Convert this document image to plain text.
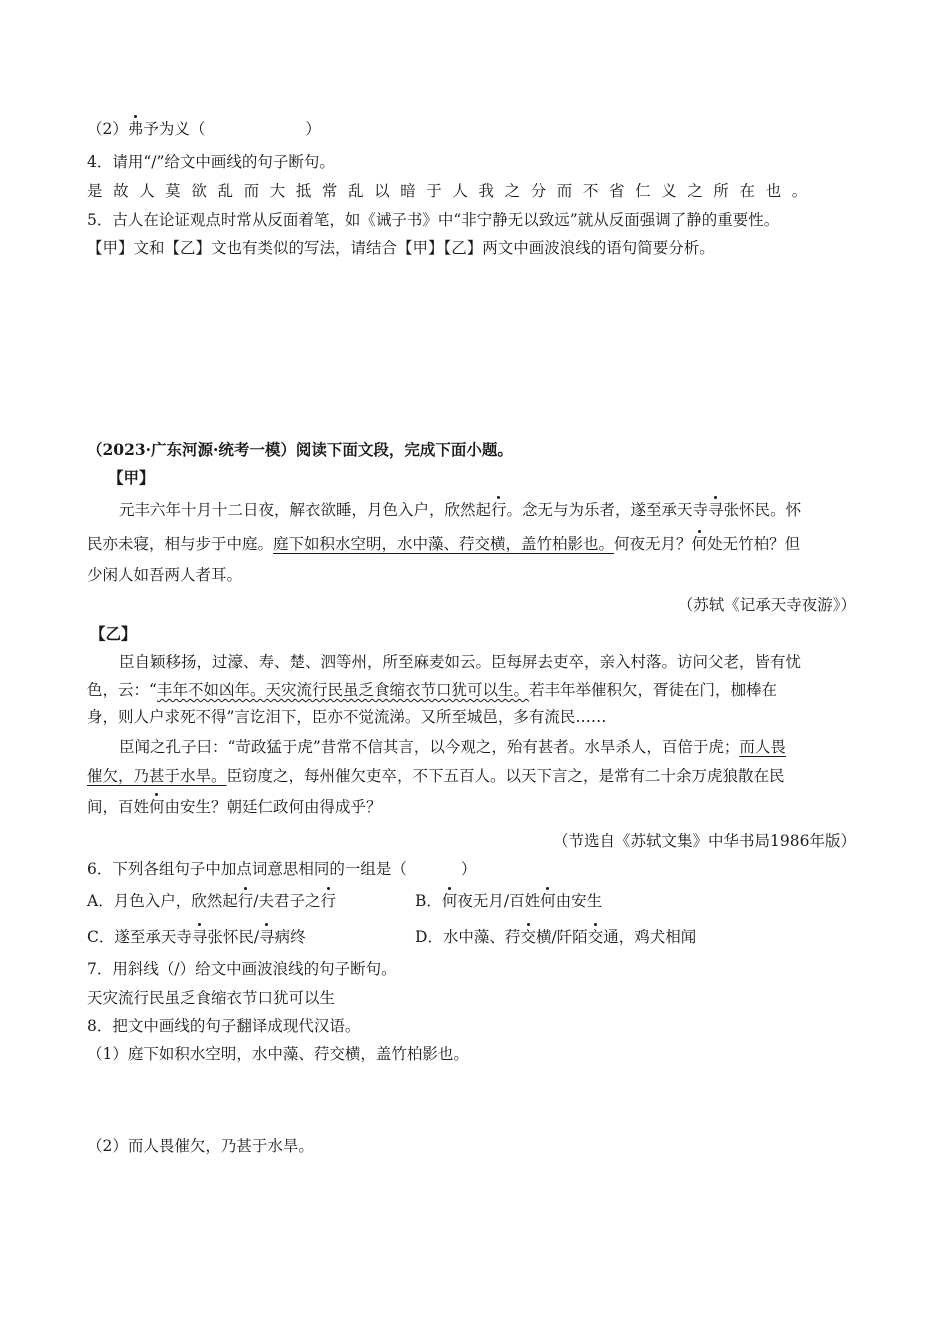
（2）弗予为义（	）
4．请用“/”给文中画线的句子断句。
是故人莫欲乱而大抵常乱以暗于人我之分而不省仁义之所在也。
5．古人在论证观点时常从反面着笔，如《诫子书》中“非宁静无以致远”就从反面强调了静的重要性。
【甲】文和【乙】文也有类似的写法，请结合【甲】【乙】两文中画波浪线的语句简要分析。
（2023·广东河源·统考一模）阅读下面文段，完成下面小题。
【甲】
元丰六年十月十二日夜，解衣欲睡，月色入户，欣然起行。念无与为乐者，遂至承天寺寻张怀民。怀
民亦未寝，相与步于中庭。庭下如积水空明，水中藻、荇交横，盖竹柏影也。何夜无月？何处无竹柏？但
少闲人如吾两人者耳。
（苏轼《记承天寺夜游》）
【乙】
臣自颖移扬，过濠、寿、楚、泗等州，所至麻麦如云。臣每屏去吏卒，亲入村落。访问父老，皆有忧
色，云：“丰年不如凶年。天灾流行民虽乏食缩衣节口犹可以生。若丰年举催积欠，胥徒在门，枷棒在
身，则人户求死不得”言讫泪下，臣亦不觉流涕。又所至城邑，多有流民……
臣闻之孔子曰：“苛政猛于虎”昔常不信其言，以今观之，殆有甚者。水旱杀人，百倍于虎；而人畏
催欠，乃甚于水旱。臣窃度之，每州催欠吏卒，不下五百人。以天下言之，是常有二十余万虎狼散在民
间，百姓何由安生？朝廷仁政何由得成乎？
（节选自《苏轼文集》中华书局1986年版）
6．下列各组句子中加点词意思相同的一组是（	）
A．月色入户，欣然起行/夫君子之行	B．何夜无月/百姓何由安生
C．遂至承天寺寻张怀民/寻病终	D．水中藻、荇交横/阡陌交通，鸡犬相闻
7．用斜线（/）给文中画波浪线的句子断句。
天灾流行民虽乏食缩衣节口犹可以生
8．把文中画线的句子翻译成现代汉语。
（1）庭下如积水空明，水中藻、荇交横，盖竹柏影也。
（2）而人畏催欠，乃甚于水旱。
